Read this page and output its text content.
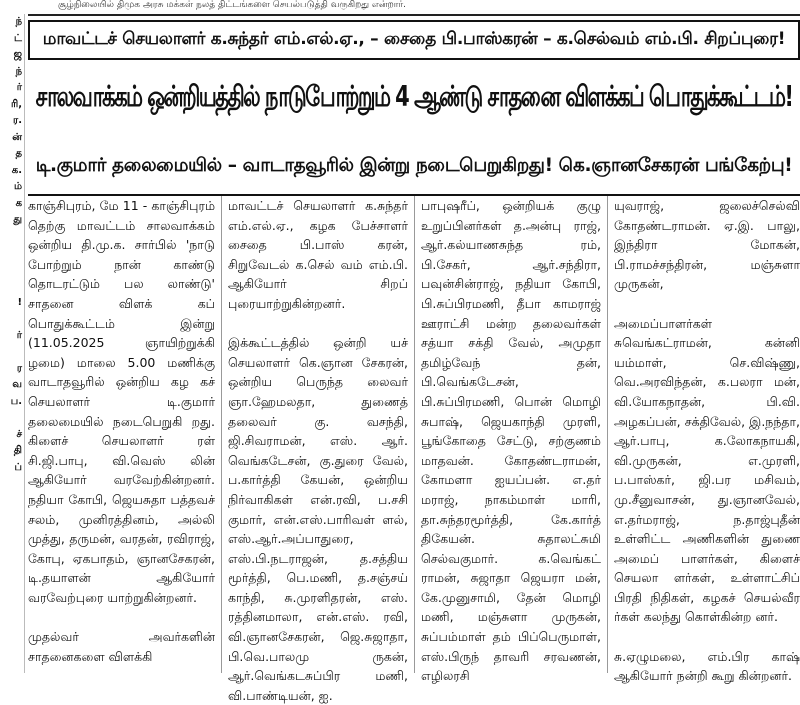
சூழ்நிலையில் திமுக அரசு மக்கள் நலத் திட்டங்களை செயல்படுத்தி வருகிறது என்றார்.
ந்
ட்
ஜ
ந்
ர்
ரி,
ர.
ன்
த
க.
ம்
க
து

!

ர்

ர
வ
ப.

ச்
தி
ப்
மாவட்டச் செயலாளர் க.சுந்தர் எம்.எல்.ஏ., – சைதை பி.பாஸ்கரன் – க.செல்வம் எம்.பி. சிறப்புரை!
சாலவாக்கம் ஒன்றியத்தில் நாடுபோற்றும் 4 ஆண்டு சாதனை விளக்கப் பொதுக்கூட்டம்!
டி.குமார் தலைமையில் – வாடாதவூரில் இன்று நடைபெறுகிறது! கெ.ஞானசேகரன் பங்கேற்பு!

காஞ்சிபுரம், மே 11 - காஞ்சிபுரம் தெற்கு மாவட்டம் சாலவாக்கம் ஒன்றிய தி.மு.க. சார்பில் 'நாடு போற்றும் நான் காண்டு தொடரட்டும் பல லாண்டு' சாதனை விளக் கப் பொதுக்கூட்டம் இன்று (11.05.2025 ஞாயிற்றுக்கி ழமை) மாலை 5.00 மணிக்கு வாடாதவூரில் ஒன்றிய கழ கச் செயலாளர் டி.குமார் தலைமையில் நடைபெறுகி றது. கிளைச் செயலாளர் ரள் சி.ஜி.பாபு, வி.வெஸ் லின் ஆகியோர் வரவேற்கின்றனர். நதியா கோபி, ஜெயசுதா பத்தவச் சலம், முனிரத்தினம், அல்லி முத்து, தருமன், வரதன், ரவிராஜ், கோபு, ஏகபாதம், ஞானசேகரன், டி.தயாளன் ஆகியோர் வரவேற்புரை யாற்றுகின்றனர்.

முதல்வர் அவர்களின் சாதனைகளை விளக்கி

மாவட்டச் செயலாளர் க.சுந்தர் எம்.எல்.ஏ., கழக பேச்சாளர் சைதை பி.பாஸ் கரன், சிறுவேடல் க.செல் வம் எம்.பி. ஆகியோர் சிறப் புரையாற்றுகின்றனர்.

இக்கூட்டத்தில் ஒன்றி யச் செயலாளர் கெ.ஞான சேகரன், ஒன்றிய பெருந்த லைவர் ஞா.ஹேமலதா, துணைத் தலைவர் கு. வசந்தி, ஜி.சிவராமன், எஸ். ஆர். வெங்கடேசன், கு.துரை வேல், ப.கார்த்தி கேயன், ஒன்றிய நிர்வாகிகள் என்.ரவி, ப.சசி குமார், என்.எஸ்.பாரிவள் ளல், எஸ்.ஆர்.அப்பாதுரை, எஸ்.பி.நடராஜன், த.சத்திய மூர்த்தி, பெ.மணி, த.சஞ்சய் காந்தி, சு.முரளிதரன், எஸ். ரத்தினமாலா, என்.எஸ். ரவி, வி.ஞானசேகரன், ஜெ.சுஜாதா, பி.வெ.பாலமு ருகன், ஆர்.வெங்கடசுப்பிர மணி, வி.பாண்டியன், ஐ.

பாபுஷரீப், ஒன்றியக் குழு உறுப்பினர்கள் த.அன்பு ராஜ், ஆர்.கல்யாணசுந்த ரம், பி.சேகர், ஆர்.சந்திரா, பவுன்சின்ராஜ், நதியா கோபி, பி.சுப்பிரமணி, தீபா காமராஜ் ஊராட்சி மன்ற தலைவர்கள் சத்யா சக்தி வேல், அமுதா தமிழ்வேந் தன், பி.வெங்கடேசன், பி.சுப்பிரமணி, பொன் மொழி சுபாஷ், ஜெயகாந்தி முரளி, பூங்கோதை சேட்டு, சற்குணம் மாதவன். கோதண்டராமன், கோமளா ஐயப்பன். எ.தர் மராஜ், நாகம்மாள் மாரி, தா.சுந்தரமூர்த்தி, கே.கார்த் திகேயன். சுதாலட்சுமி செல்வகுமார். க.வெங்கட் ராமன், சுஜாதா ஜெயரா மன், கே.முனுசாமி, தேன் மொழி மணி, மஞ்சுளா முருகன், சுப்பம்மாள் தம் பிப்பெருமாள், எஸ்.பிருந் தாவரி சரவணன், எழிலரசி

யுவராஜ், ஜலைச்செல்வி கோதண்டராமன். ஏ.இ. பாலு, இந்திரா மோகன், பி.ராமச்சந்திரன், மஞ்சுளா முருகன்,

அமைப்பாளர்கள் சுவெங்கட்ராமன், கன்னி யம்மாள், செ.விஷ்ணு, வெ.அரவிந்தன், க.பலரா மன், வி.யோகநாதன், பி.வி. அழகப்பன், சக்திவேல், இ.நந்தா, ஆர்.பாபு, க.லோகநாயகி, வி.முருகன், எ.முரளி, ப.பாஸ்கர், ஜி.பர மசிவம், மு.சீனுவாசன், து.ஞானவேல், எ.தர்மராஜ், ந.தாஜ்புதீன் உள்ளிட்ட அணிகளின் துணை அமைப் பாளர்கள், கிளைச் செயலா ளர்கள், உள்ளாட்சிப் பிரதி நிதிகள், கழகச் செயல்வீர ர்கள் கலந்து கொள்கின்ற னர்.

சு.ஏழுமலை, எம்.பிர காஷ் ஆகியோர் நன்றி கூறு கின்றனர்.
